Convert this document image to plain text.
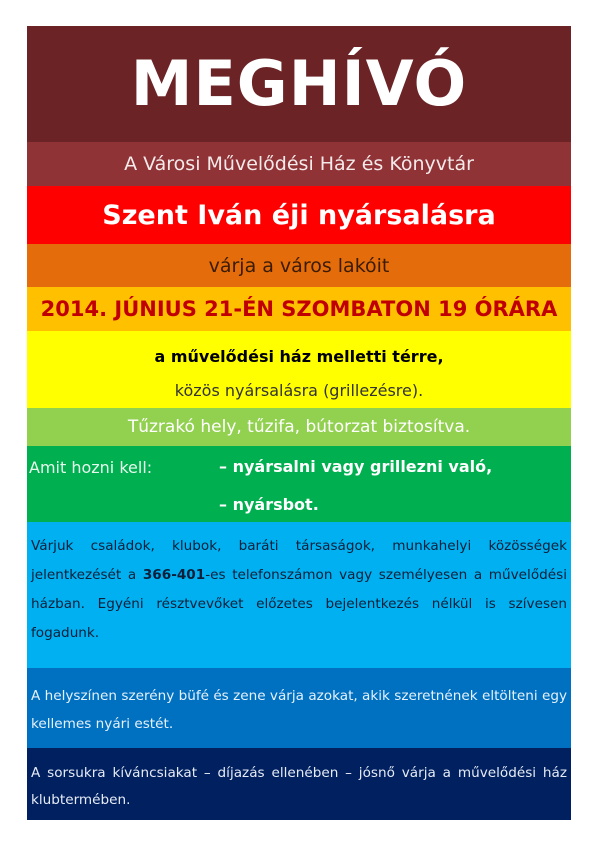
MEGHÍVÓ
A Városi Művelődési Ház és Könyvtár
Szent Iván éji nyársalásra
várja a város lakóit
2014. JÚNIUS 21-ÉN SZOMBATON 19 ÓRÁRA
a művelődési ház melletti térre,
közös nyársalásra (grillezésre).
Tűzrakó hely, tűzifa, bútorzat biztosítva.
Amit hozni kell:	– nyársalni vagy grillezni való,
– nyársbot.

Várjuk családok, klubok, baráti társaságok, munkahelyi közösségek jelentkezését a 366-401-es telefonszámon vagy személyesen a művelődési házban. Egyéni résztvevőket előzetes bejelentkezés nélkül is szívesen fogadunk.

A helyszínen szerény büfé és zene várja azokat, akik szeretnének eltölteni egy kellemes nyári estét.

A sorsukra kíváncsiakat – díjazás ellenében – jósnő várja a művelődési ház klubtermében.
